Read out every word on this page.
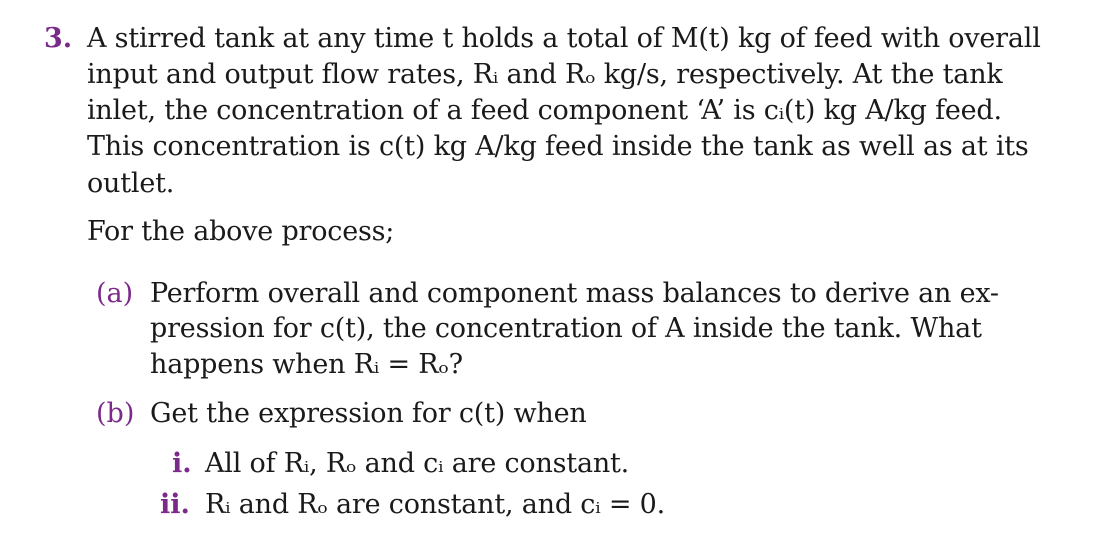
3. A stirred tank at any time t holds a total of M(t) kg of feed with overall
input and output flow rates, Rᵢ and Rₒ kg/s, respectively. At the tank
inlet, the concentration of a feed component ‘A’ is cᵢ(t) kg A/kg feed.
This concentration is c(t) kg A/kg feed inside the tank as well as at its
outlet.
For the above process;
(a) Perform overall and component mass balances to derive an ex-
pression for c(t), the concentration of A inside the tank. What
happens when Rᵢ = Rₒ?
(b) Get the expression for c(t) when
i. All of Rᵢ, Rₒ and cᵢ are constant.
ii. Rᵢ and Rₒ are constant, and cᵢ = 0.
